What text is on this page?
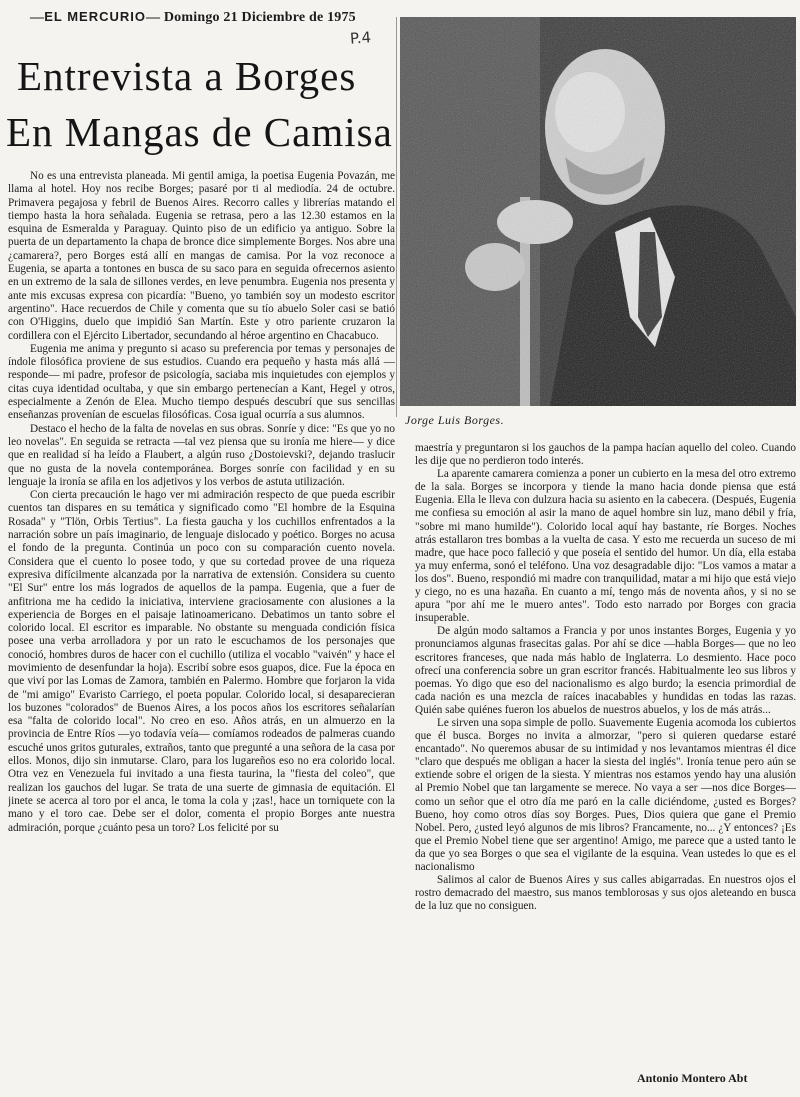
—EL MERCURIO— Domingo 21 Diciembre de 1975
P.4
Entrevista a Borges
En Mangas de Camisa

No es una entrevista planeada. Mi gentil amiga, la poetisa Eugenia Povazán, me llama al hotel. Hoy nos recibe Borges; pasaré por ti al mediodía. 24 de octubre. Primavera pegajosa y febril de Buenos Aires. Recorro calles y librerías matando el tiempo hasta la hora señalada. Eugenia se retrasa, pero a las 12.30 estamos en la esquina de Esmeralda y Paraguay. Quinto piso de un edificio ya antiguo. Sobre la puerta de un departamento la chapa de bronce dice simplemente Borges. Nos abre una ¿camarera?, pero Borges está allí en mangas de camisa. Por la voz reconoce a Eugenia, se aparta a tontones en busca de su saco para en seguida ofrecernos asiento en un extremo de la sala de sillones verdes, en leve penumbra. Eugenia nos presenta y ante mis excusas expresa con picardía: "Bueno, yo también soy un modesto escritor argentino". Hace recuerdos de Chile y comenta que su tío abuelo Soler casi se batió con O'Higgins, duelo que impidió San Martín. Este y otro pariente cruzaron la cordillera con el Ejército Libertador, secundando al héroe argentino en Chacabuco.

Eugenia me anima y pregunto si acaso su preferencia por temas y personajes de índole filosófica proviene de sus estudios. Cuando era pequeño y hasta más allá —responde— mi padre, profesor de psicología, saciaba mis inquietudes con ejemplos y citas cuya identidad ocultaba, y que sin embargo pertenecían a Kant, Hegel y otros, especialmente a Zenón de Elea. Mucho tiempo después descubrí que sus sencillas enseñanzas provenían de escuelas filosóficas. Cosa igual ocurría a sus alumnos.

Destaco el hecho de la falta de novelas en sus obras. Sonríe y dice: "Es que yo no leo novelas". En seguida se retracta —tal vez piensa que su ironía me hiere— y dice que en realidad sí ha leído a Flaubert, a algún ruso ¿Dostoievski?, dejando traslucir que no gusta de la novela contemporánea. Borges sonríe con facilidad y en su lenguaje la ironía se afila en los adjetivos y los verbos de astuta utilización.

Con cierta precaución le hago ver mi admiración respecto de que pueda escribir cuentos tan dispares en su temática y significado como "El hombre de la Esquina Rosada" y "Tlön, Orbis Tertius". La fiesta gaucha y los cuchillos enfrentados a la narración sobre un país imaginario, de lenguaje dislocado y poético. Borges no acusa el fondo de la pregunta. Continúa un poco con su comparación cuento novela. Considera que el cuento lo posee todo, y que su cortedad provee de una riqueza expresiva difícilmente alcanzada por la narrativa de extensión. Considera su cuento "El Sur" entre los más logrados de aquellos de la pampa. Eugenia, que a fuer de anfitriona me ha cedido la iniciativa, interviene graciosamente con alusiones a la experiencia de Borges en el paisaje latinoamericano. Debatimos un tanto sobre el colorido local. El escritor es imparable. No obstante su menguada condición física posee una verba arrolladora y por un rato le escuchamos de los personajes que conoció, hombres duros de hacer con el cuchillo (utiliza el vocablo "vaivén" y hace el movimiento de desenfundar la hoja). Escribí sobre esos guapos, dice. Fue la época en que viví por las Lomas de Zamora, también en Palermo. Hombre que forjaron la vida de "mi amigo" Evaristo Carriego, el poeta popular. Colorido local, si desaparecieran los buzones "colorados" de Buenos Aires, a los pocos años los escritores señalarían esa "falta de colorido local". No creo en eso. Años atrás, en un almuerzo en la provincia de Entre Ríos —yo todavía veía— comíamos rodeados de palmeras cuando escuché unos gritos guturales, extraños, tanto que pregunté a una señora de la casa por ellos. Monos, dijo sin inmutarse. Claro, para los lugareños eso no era colorido local. Otra vez en Venezuela fui invitado a una fiesta taurina, la "fiesta del coleo", que realizan los gauchos del lugar. Se trata de una suerte de gimnasia de equitación. El jinete se acerca al toro por el anca, le toma la cola y ¡zas!, hace un torniquete con la mano y el toro cae. Debe ser el dolor, comenta el propio Borges ante nuestra admiración, porque ¿cuánto pesa un toro? Los felicité por su

Jorge Luis Borges.

maestría y preguntaron si los gauchos de la pampa hacían aquello del coleo. Cuando les dije que no perdieron todo interés.

La aparente camarera comienza a poner un cubierto en la mesa del otro extremo de la sala. Borges se incorpora y tiende la mano hacia donde piensa que está Eugenia. Ella le lleva con dulzura hacia su asiento en la cabecera. (Después, Eugenia me confiesa su emoción al asir la mano de aquel hombre sin luz, mano débil y fría, "sobre mi mano humilde"). Colorido local aquí hay bastante, ríe Borges. Noches atrás estallaron tres bombas a la vuelta de casa. Y esto me recuerda un suceso de mi madre, que hace poco falleció y que poseía el sentido del humor. Un día, ella estaba ya muy enferma, sonó el teléfono. Una voz desagradable dijo: "Los vamos a matar a los dos". Bueno, respondió mi madre con tranquilidad, matar a mi hijo que está viejo y ciego, no es una hazaña. En cuanto a mí, tengo más de noventa años, y si no se apura "por ahí me le muero antes". Todo esto narrado por Borges con gracia insuperable.

De algún modo saltamos a Francia y por unos instantes Borges, Eugenia y yo pronunciamos algunas frasecitas galas. Por ahí se dice —habla Borges— que no leo escritores franceses, que nada más hablo de Inglaterra. Lo desmiento. Hace poco ofrecí una conferencia sobre un gran escritor francés. Habitualmente leo sus libros y poemas. Yo digo que eso del nacionalismo es algo burdo; la esencia primordial de cada nación es una mezcla de raíces inacabables y hundidas en todas las razas. Quién sabe quiénes fueron los abuelos de nuestros abuelos, y los de más atrás...

Le sirven una sopa simple de pollo. Suavemente Eugenia acomoda los cubiertos que él busca. Borges no invita a almorzar, "pero si quieren quedarse estaré encantado". No queremos abusar de su intimidad y nos levantamos mientras él dice "claro que después me obligan a hacer la siesta del inglés". Ironía tenue pero aún se extiende sobre el origen de la siesta. Y mientras nos estamos yendo hay una alusión al Premio Nobel que tan largamente se merece. No vaya a ser —nos dice Borges— como un señor que el otro día me paró en la calle diciéndome, ¿usted es Borges? Bueno, hoy como otros días soy Borges. Pues, Dios quiera que gane el Premio Nobel. Pero, ¿usted leyó algunos de mis libros? Francamente, no... ¿Y entonces? ¡Es que el Premio Nobel tiene que ser argentino! Amigo, me parece que a usted tanto le da que yo sea Borges o que sea el vigilante de la esquina. Vean ustedes lo que es el nacionalismo

Salimos al calor de Buenos Aires y sus calles abigarradas. En nuestros ojos el rostro demacrado del maestro, sus manos temblorosas y sus ojos aleteando en busca de la luz que no consiguen.

Antonio Montero Abt
